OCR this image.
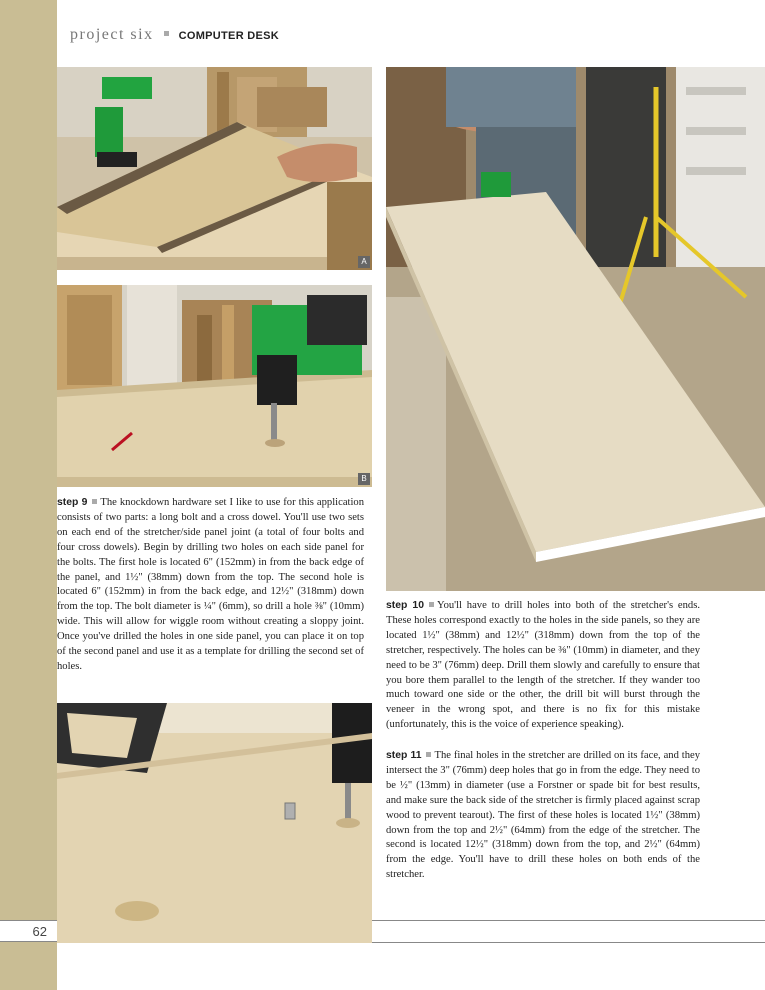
62
project six COMPUTER DESK
A
B
step 9 The knockdown hardware set I like to use for this application consists of two parts: a long bolt and a cross dowel. You'll use two sets on each end of the stretcher/side panel joint (a total of four bolts and four cross dowels). Begin by drilling two holes on each side panel for the bolts. The first hole is located 6" (152mm) in from the back edge of the panel, and 1½" (38mm) down from the top. The second hole is located 6" (152mm) in from the back edge, and 12½" (318mm) down from the top. The bolt diameter is ¼" (6mm), so drill a hole ⅜" (10mm) wide. This will allow for wiggle room without creating a sloppy joint. Once you've drilled the holes in one side panel, you can place it on top of the second panel and use it as a template for drilling the second set of holes.
step 10 You'll have to drill holes into both of the stretcher's ends. These holes correspond exactly to the holes in the side panels, so they are located 1½" (38mm) and 12½" (318mm) down from the top of the stretcher, respectively. The holes can be ⅜" (10mm) in diameter, and they need to be 3" (76mm) deep. Drill them slowly and carefully to ensure that you bore them parallel to the length of the stretcher. If they wander too much toward one side or the other, the drill bit will burst through the veneer in the wrong spot, and there is no fix for this mistake (unfortunately, this is the voice of experience speaking).
step 11 The final holes in the stretcher are drilled on its face, and they intersect the 3" (76mm) deep holes that go in from the edge. They need to be ½" (13mm) in diameter (use a Forstner or spade bit for best results, and make sure the back side of the stretcher is firmly placed against scrap wood to prevent tearout). The first of these holes is located 1½" (38mm) down from the top and 2½" (64mm) from the edge of the stretcher. The second is located 12½" (318mm) down from the top, and 2½" (64mm) from the edge. You'll have to drill these holes on both ends of the stretcher.
